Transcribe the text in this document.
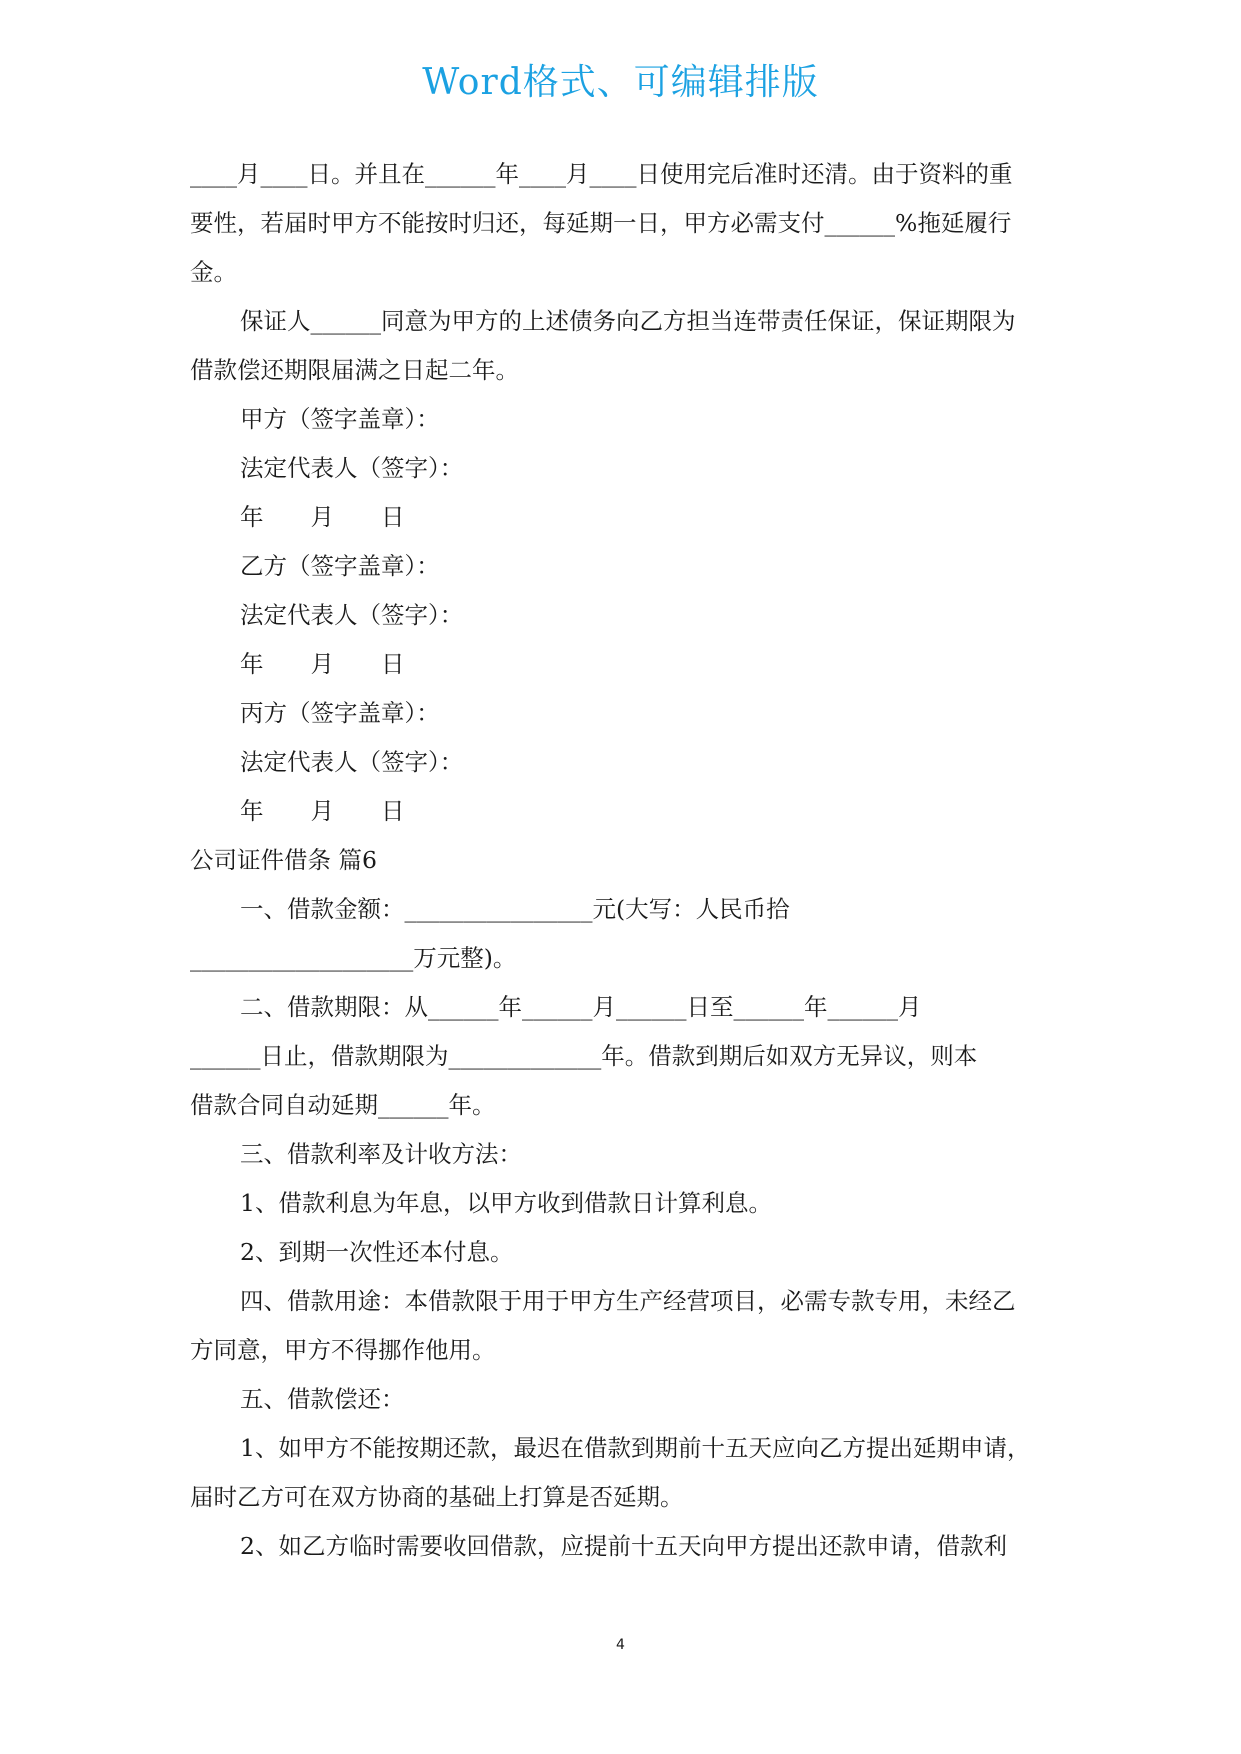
Word格式、可编辑排版

____月____日。并且在______年____月____日使用完后准时还清。由于资料的重

要性，若届时甲方不能按时归还，每延期一日，甲方必需支付______%拖延履行

金。

保证人______同意为甲方的上述债务向乙方担当连带责任保证，保证期限为

借款偿还期限届满之日起二年。

甲方（签字盖章）：

法定代表人（签字）：

年　　月　　日

乙方（签字盖章）：

法定代表人（签字）：

年　　月　　日

丙方（签字盖章）：

法定代表人（签字）：

年　　月　　日

公司证件借条 篇6

一、借款金额：________________元(大写：人民币拾

___________________万元整)。

二、借款期限：从______年______月______日至______年______月

______日止，借款期限为_____________年。借款到期后如双方无异议，则本

借款合同自动延期______年。

三、借款利率及计收方法：

1、借款利息为年息，以甲方收到借款日计算利息。

2、到期一次性还本付息。

四、借款用途：本借款限于用于甲方生产经营项目，必需专款专用，未经乙

方同意，甲方不得挪作他用。

五、借款偿还：

1、如甲方不能按期还款，最迟在借款到期前十五天应向乙方提出延期申请，

届时乙方可在双方协商的基础上打算是否延期。

2、如乙方临时需要收回借款，应提前十五天向甲方提出还款申请，借款利

4
